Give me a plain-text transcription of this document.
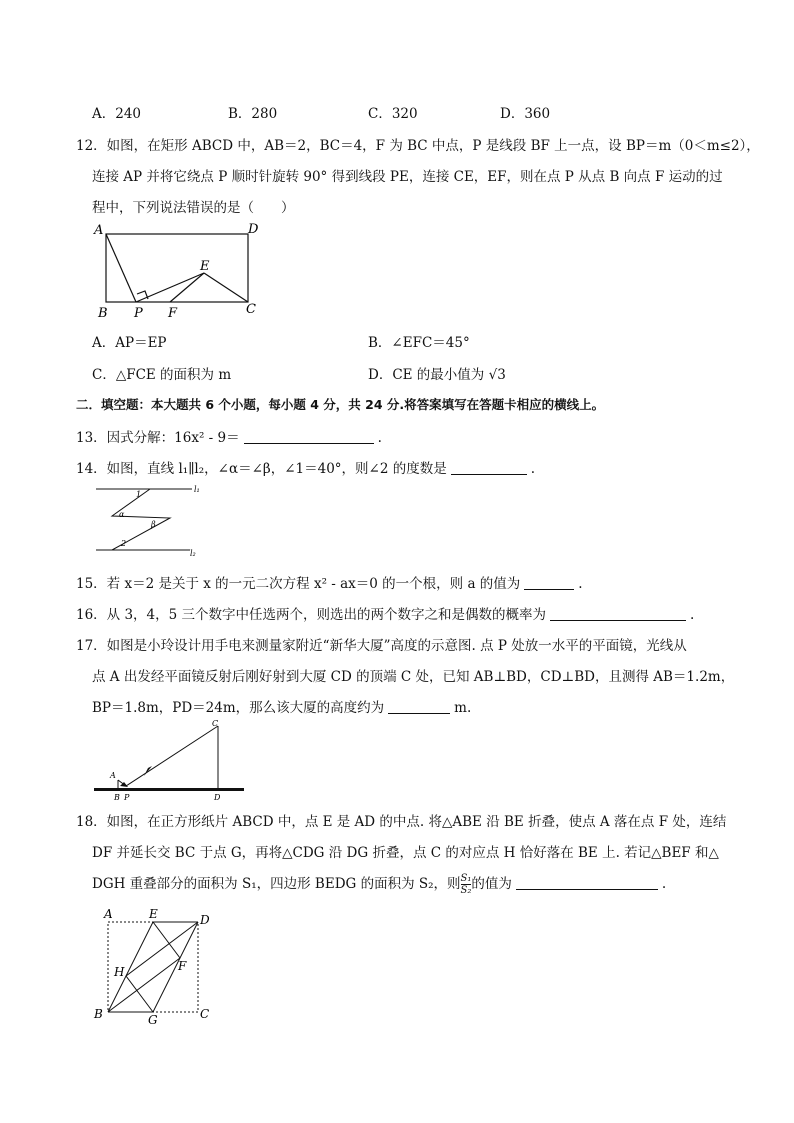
A．240	B．280	C．320	D．360
12．如图，在矩形 ABCD 中，AB＝2，BC＝4，F 为 BC 中点，P 是线段 BF 上一点，设 BP＝m（0＜m≤2），
连接 AP 并将它绕点 P 顺时针旋转 90° 得到线段 PE，连接 CE，EF，则在点 P 从点 B 向点 F 运动的过
程中，下列说法错误的是（　　）
A	D
E
B P F	C
A．AP＝EP	B．∠EFC＝45°
C．△FCE 的面积为 m	D．CE 的最小值为 √3
二．填空题：本大题共 6 个小题，每小题 4 分，共 24 分.将答案填写在答题卡相应的横线上。
13．因式分解：16x² - 9＝	.
14．如图，直线 l₁∥l₂，∠α＝∠β，∠1＝40°，则∠2 的度数是	.
l₁
1
α
β
2
l₂
15．若 x＝2 是关于 x 的一元二次方程 x² - ax＝0 的一个根，则 a 的值为	.
16．从 3，4，5 三个数字中任选两个，则选出的两个数字之和是偶数的概率为	.
17．如图是小玲设计用手电来测量家附近“新华大厦”高度的示意图. 点 P 处放一水平的平面镜，光线从
点 A 出发经平面镜反射后刚好射到大厦 CD 的顶端 C 处，已知 AB⊥BD，CD⊥BD，且测得 AB＝1.2m，
BP＝1.8m，PD＝24m，那么该大厦的高度约为	m.
C
A
B P	D
18．如图，在正方形纸片 ABCD 中，点 E 是 AD 的中点. 将△ABE 沿 BE 折叠，使点 A 落在点 F 处，连结
DF 并延长交 BC 于点 G，再将△CDG 沿 DG 折叠，点 C 的对应点 H 恰好落在 BE 上. 若记△BEF 和△
DGH 重叠部分的面积为 S₁，四边形 BEDG 的面积为 S₂，则 $\frac{\text{S₁}}{\text{S₂}}$ 的值为	.
A	E	D
H	F
B	G	C
